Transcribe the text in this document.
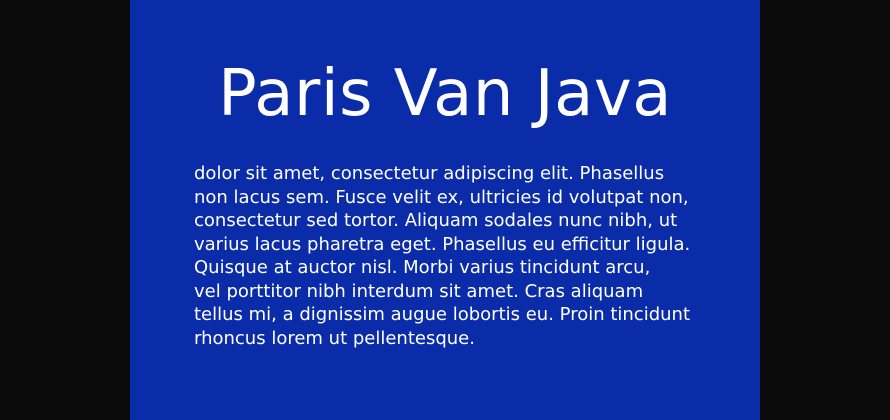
Paris Van Java

dolor sit amet, consectetur adipiscing elit. Phasellus
non lacus sem. Fusce velit ex, ultricies id volutpat non,
consectetur sed tortor. Aliquam sodales nunc nibh, ut
varius lacus pharetra eget. Phasellus eu efficitur ligula.
Quisque at auctor nisl. Morbi varius tincidunt arcu,
vel porttitor nibh interdum sit amet. Cras aliquam
tellus mi, a dignissim augue lobortis eu. Proin tincidunt
rhoncus lorem ut pellentesque.
